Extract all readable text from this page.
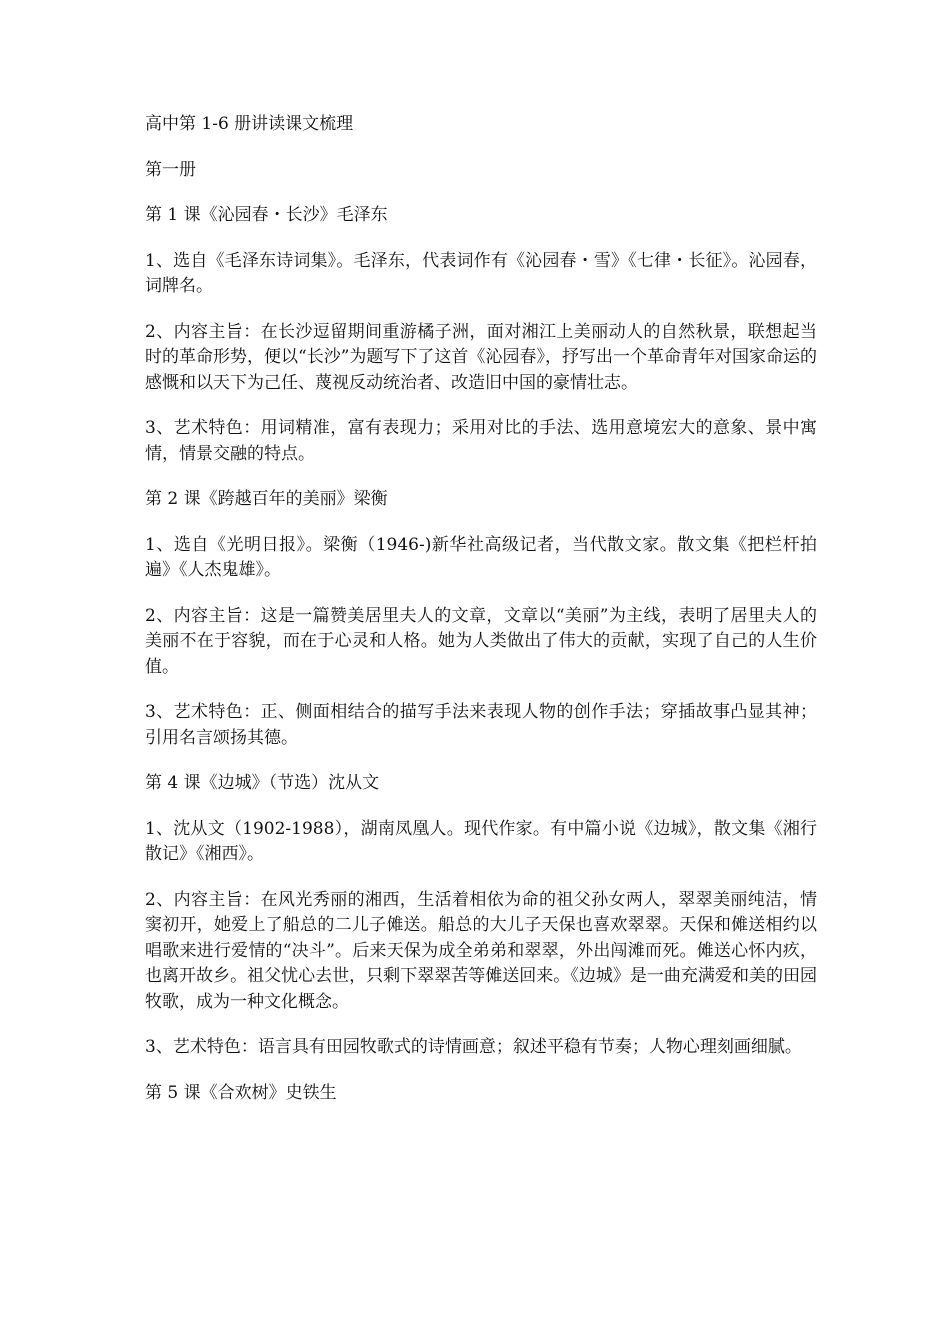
高中第 1-6 册讲读课文梳理

第一册

第 1 课《沁园春・长沙》毛泽东

1、选自《毛泽东诗词集》。毛泽东，代表词作有《沁园春・雪》《七律・长征》。沁园春，词牌名。

2、内容主旨：在长沙逗留期间重游橘子洲，面对湘江上美丽动人的自然秋景，联想起当时的革命形势，便以“长沙”为题写下了这首《沁园春》，抒写出一个革命青年对国家命运的感慨和以天下为己任、蔑视反动统治者、改造旧中国的豪情壮志。

3、艺术特色：用词精准，富有表现力；采用对比的手法、选用意境宏大的意象、景中寓情，情景交融的特点。

第 2 课《跨越百年的美丽》梁衡

1、选自《光明日报》。梁衡（1946-)新华社高级记者，当代散文家。散文集《把栏杆拍遍》《人杰鬼雄》。

2、内容主旨：这是一篇赞美居里夫人的文章，文章以“美丽”为主线，表明了居里夫人的美丽不在于容貌，而在于心灵和人格。她为人类做出了伟大的贡献，实现了自己的人生价值。

3、艺术特色：正、侧面相结合的描写手法来表现人物的创作手法；穿插故事凸显其神；引用名言颂扬其德。

第 4 课《边城》（节选）沈从文

1、沈从文（1902-1988），湖南凤凰人。现代作家。有中篇小说《边城》，散文集《湘行散记》《湘西》。

2、内容主旨：在风光秀丽的湘西，生活着相依为命的祖父孙女两人，翠翠美丽纯洁，情窦初开，她爱上了船总的二儿子傩送。船总的大儿子天保也喜欢翠翠。天保和傩送相约以唱歌来进行爱情的“决斗”。后来天保为成全弟弟和翠翠，外出闯滩而死。傩送心怀内疚，也离开故乡。祖父忧心去世，只剩下翠翠苦等傩送回来。《边城》是一曲充满爱和美的田园牧歌，成为一种文化概念。

3、艺术特色：语言具有田园牧歌式的诗情画意；叙述平稳有节奏；人物心理刻画细腻。

第 5 课《合欢树》史铁生
